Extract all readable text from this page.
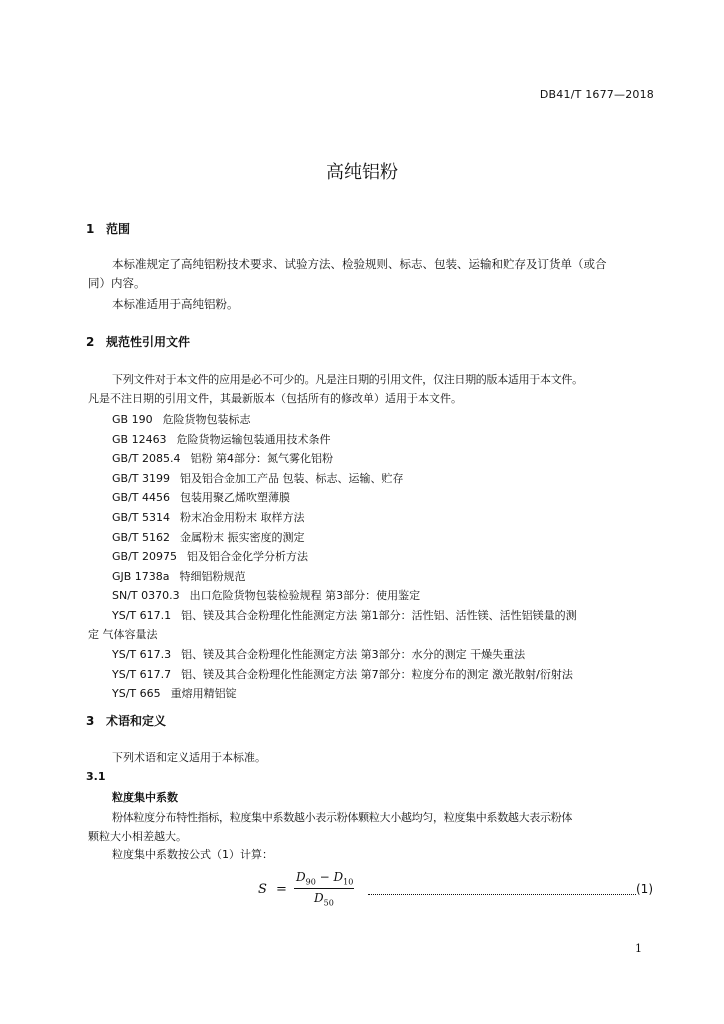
DB41/T 1677—2018
高纯铝粉
1 范围
本标准规定了高纯铝粉技术要求、试验方法、检验规则、标志、包装、运输和贮存及订货单（或合
同）内容。
本标准适用于高纯铝粉。
2 规范性引用文件
下列文件对于本文件的应用是必不可少的。凡是注日期的引用文件，仅注日期的版本适用于本文件。
凡是不注日期的引用文件，其最新版本（包括所有的修改单）适用于本文件。
GB 190 危险货物包装标志
GB 12463 危险货物运输包装通用技术条件
GB/T 2085.4 铝粉 第4部分：氮气雾化铝粉
GB/T 3199 铝及铝合金加工产品 包装、标志、运输、贮存
GB/T 4456 包装用聚乙烯吹塑薄膜
GB/T 5314 粉末冶金用粉末 取样方法
GB/T 5162 金属粉末 振实密度的测定
GB/T 20975 铝及铝合金化学分析方法
GJB 1738a 特细铝粉规范
SN/T 0370.3 出口危险货物包装检验规程 第3部分：使用鉴定
YS/T 617.1 铝、镁及其合金粉理化性能测定方法 第1部分：活性铝、活性镁、活性铝镁量的测
定 气体容量法
YS/T 617.3 铝、镁及其合金粉理化性能测定方法 第3部分：水分的测定 干燥失重法
YS/T 617.7 铝、镁及其合金粉理化性能测定方法 第7部分：粒度分布的测定 激光散射/衍射法
YS/T 665 重熔用精铝锭
3 术语和定义
下列术语和定义适用于本标准。
3.1
粒度集中系数
粉体粒度分布特性指标，粒度集中系数越小表示粉体颗粒大小越均匀，粒度集中系数越大表示粉体
颗粒大小相差越大。
粒度集中系数按公式（1）计算：
S =
$D_{90} - D_{10}$
$D_{50}$
(1)
1
